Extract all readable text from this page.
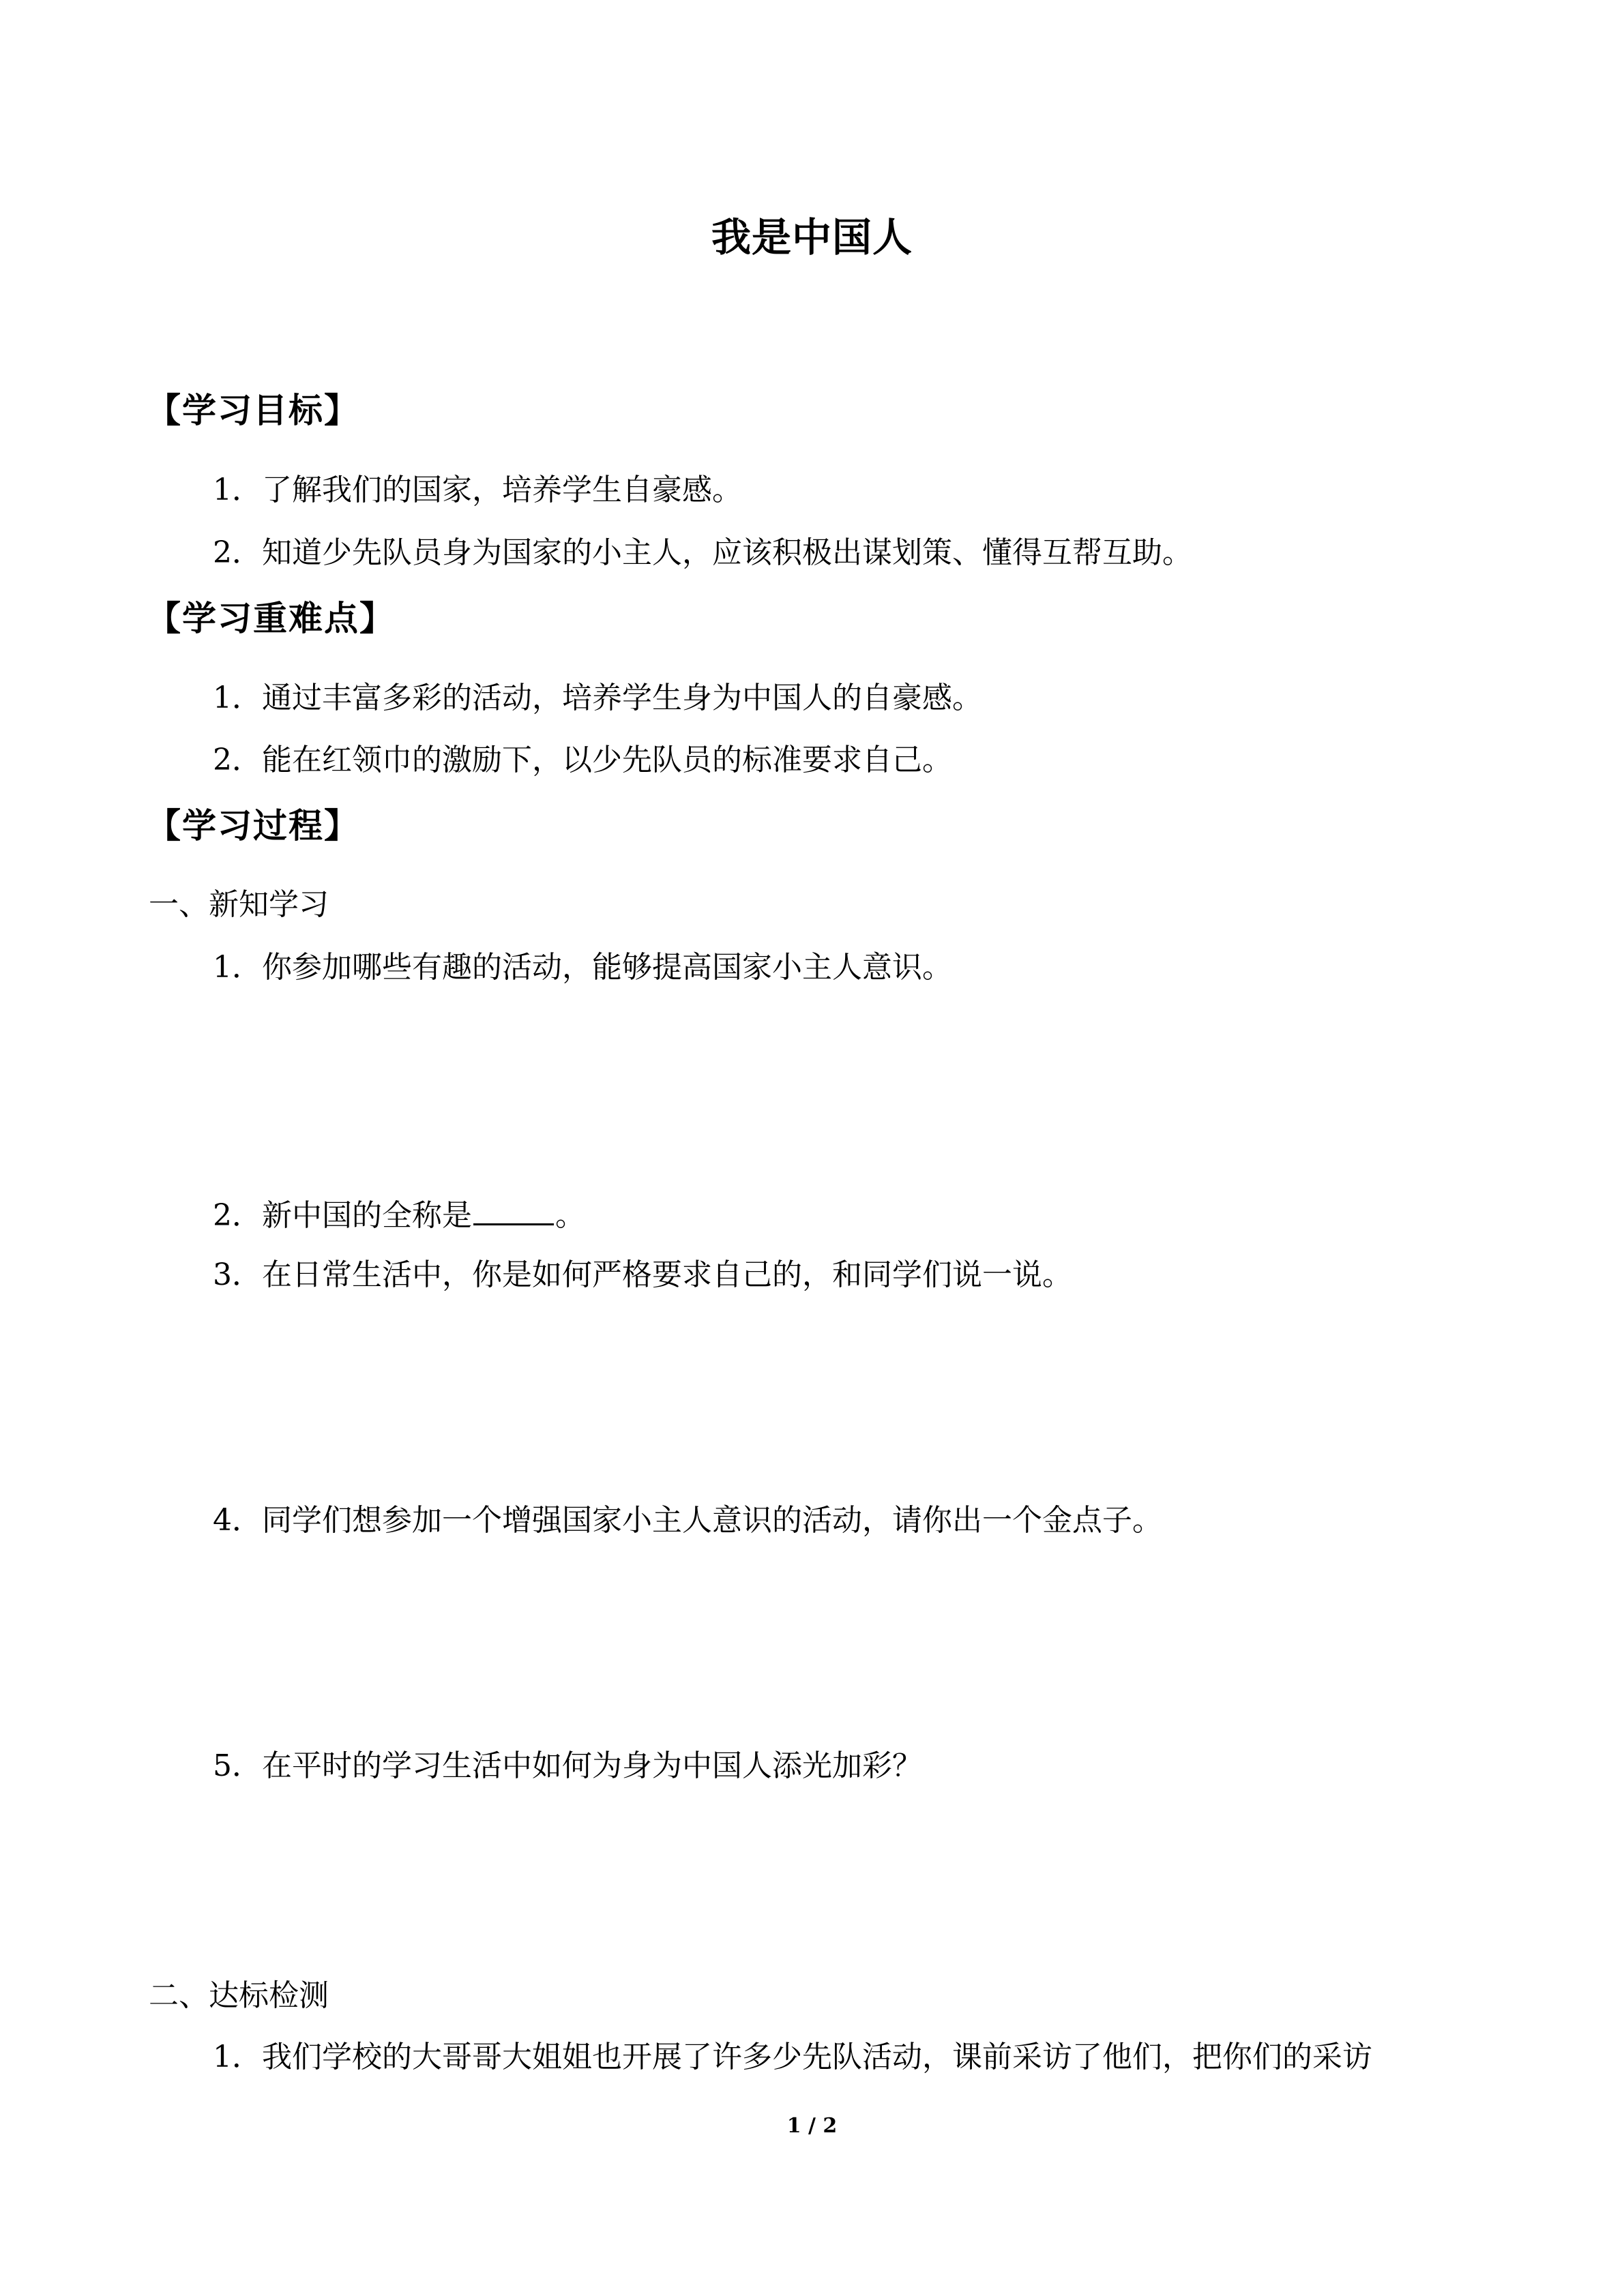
我是中国人
【学习目标】
1．了解我们的国家，培养学生自豪感。
2．知道少先队员身为国家的小主人，应该积极出谋划策、懂得互帮互助。
【学习重难点】
1．通过丰富多彩的活动，培养学生身为中国人的自豪感。
2．能在红领巾的激励下，以少先队员的标准要求自己。
【学习过程】
一、新知学习
1．你参加哪些有趣的活动，能够提高国家小主人意识。
2．新中国的全称是	。
3．在日常生活中，你是如何严格要求自己的，和同学们说一说。
4．同学们想参加一个增强国家小主人意识的活动，请你出一个金点子。
5．在平时的学习生活中如何为身为中国人添光加彩？
二、达标检测
1．我们学校的大哥哥大姐姐也开展了许多少先队活动，课前采访了他们，把你们的采访
1 / 2
